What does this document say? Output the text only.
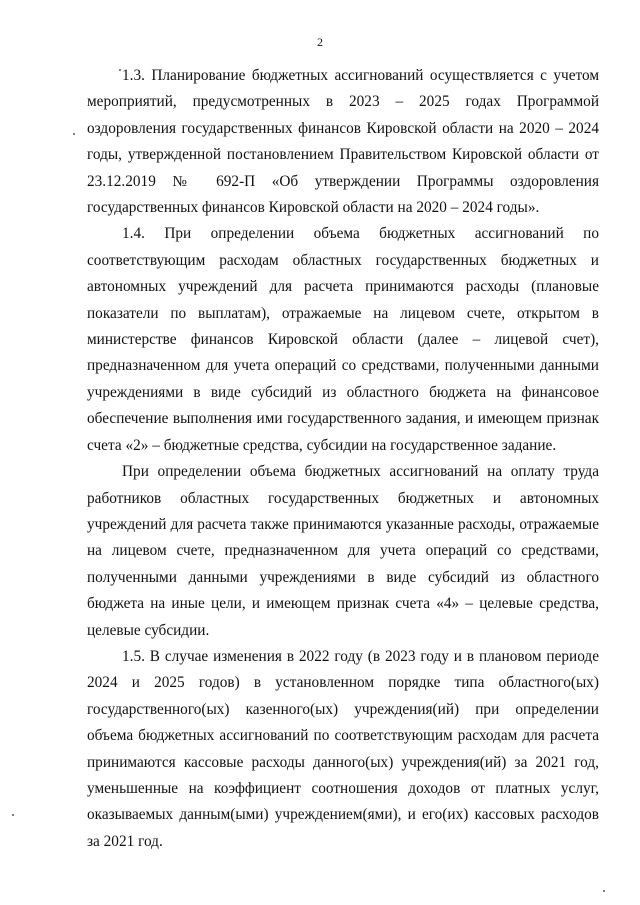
2

1.3. Планирование бюджетных ассигнований осуществляется с учетом мероприятий, предусмотренных в 2023 – 2025 годах Программой оздоровления государственных финансов Кировской области на 2020 – 2024 годы, утвержденной постановлением Правительством Кировской области от 23.12.2019 № 692-П «Об утверждении Программы оздоровления государственных финансов Кировской области на 2020 – 2024 годы».

1.4. При определении объема бюджетных ассигнований по соответствующим расходам областных государственных бюджетных и автономных учреждений для расчета принимаются расходы (плановые показатели по выплатам), отражаемые на лицевом счете, открытом в министерстве финансов Кировской области (далее – лицевой счет), предназначенном для учета операций со средствами, полученными данными учреждениями в виде субсидий из областного бюджета на финансовое обеспечение выполнения ими государственного задания, и имеющем признак счета «2» – бюджетные средства, субсидии на государственное задание.

При определении объема бюджетных ассигнований на оплату труда работников областных государственных бюджетных и автономных учреждений для расчета также принимаются указанные расходы, отражаемые на лицевом счете, предназначенном для учета операций со средствами, полученными данными учреждениями в виде субсидий из областного бюджета на иные цели, и имеющем признак счета «4» – целевые средства, целевые субсидии.

1.5. В случае изменения в 2022 году (в 2023 году и в плановом периоде 2024 и 2025 годов) в установленном порядке типа областного(ых) государственного(ых) казенного(ых) учреждения(ий) при определении объема бюджетных ассигнований по соответствующим расходам для расчета принимаются кассовые расходы данного(ых) учреждения(ий) за 2021 год, уменьшенные на коэффициент соотношения доходов от платных услуг, оказываемых данным(ыми) учреждением(ями), и его(их) кассовых расходов за 2021 год.
